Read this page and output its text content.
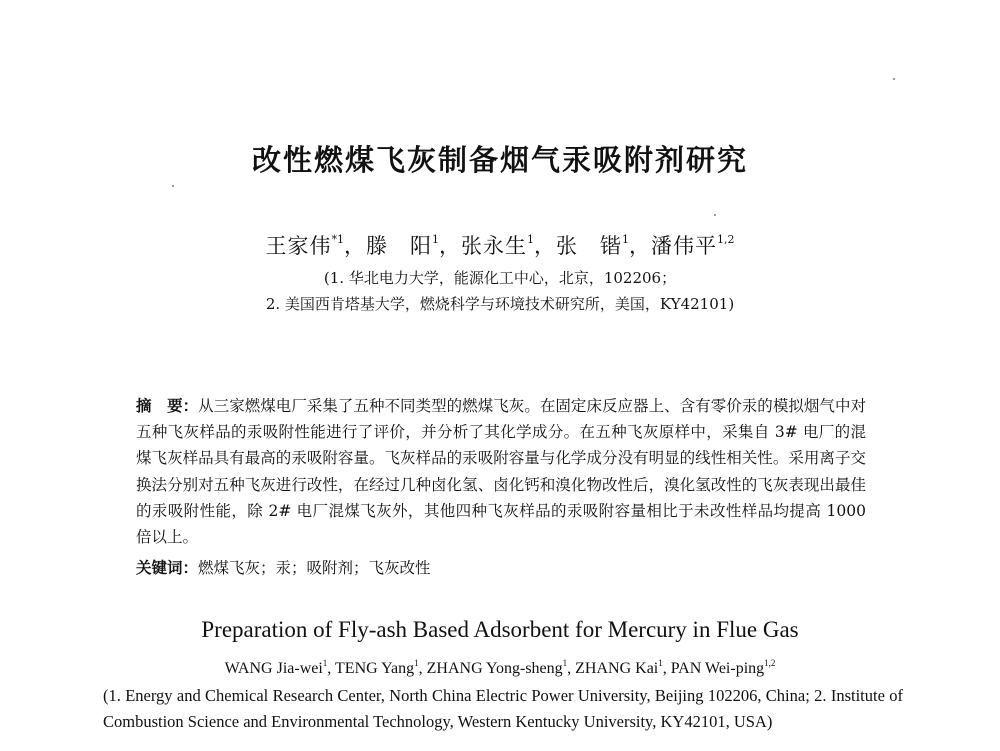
改性燃煤飞灰制备烟气汞吸附剂研究
王家伟$^{*1}$，滕　阳$^1$，张永生$^1$，张　锴$^1$，潘伟平$^{1,2}$
(1. 华北电力大学，能源化工中心，北京，102206；
2. 美国西肯塔基大学，燃烧科学与环境技术研究所，美国，KY42101)
摘　要：从三家燃煤电厂采集了五种不同类型的燃煤飞灰。在固定床反应器上、含有零价汞的模拟烟气中对五种飞灰样品的汞吸附性能进行了评价，并分析了其化学成分。在五种飞灰原样中，采集自 3# 电厂的混煤飞灰样品具有最高的汞吸附容量。飞灰样品的汞吸附容量与化学成分没有明显的线性相关性。采用离子交换法分别对五种飞灰进行改性，在经过几种卤化氢、卤化钙和溴化物改性后，溴化氢改性的飞灰表现出最佳的汞吸附性能，除 2# 电厂混煤飞灰外，其他四种飞灰样品的汞吸附容量相比于未改性样品均提高 1000 倍以上。
关键词：燃煤飞灰；汞；吸附剂；飞灰改性
Preparation of Fly-ash Based Adsorbent for Mercury in Flue Gas
WANG Jia-wei$^1$, TENG Yang$^1$, ZHANG Yong-sheng$^1$, ZHANG Kai$^1$, PAN Wei-ping$^{1,2}$
(1. Energy and Chemical Research Center, North China Electric Power University, Beijing 102206, China; 2. Institute of Combustion Science and Environmental Technology, Western Kentucky University, KY42101, USA)
